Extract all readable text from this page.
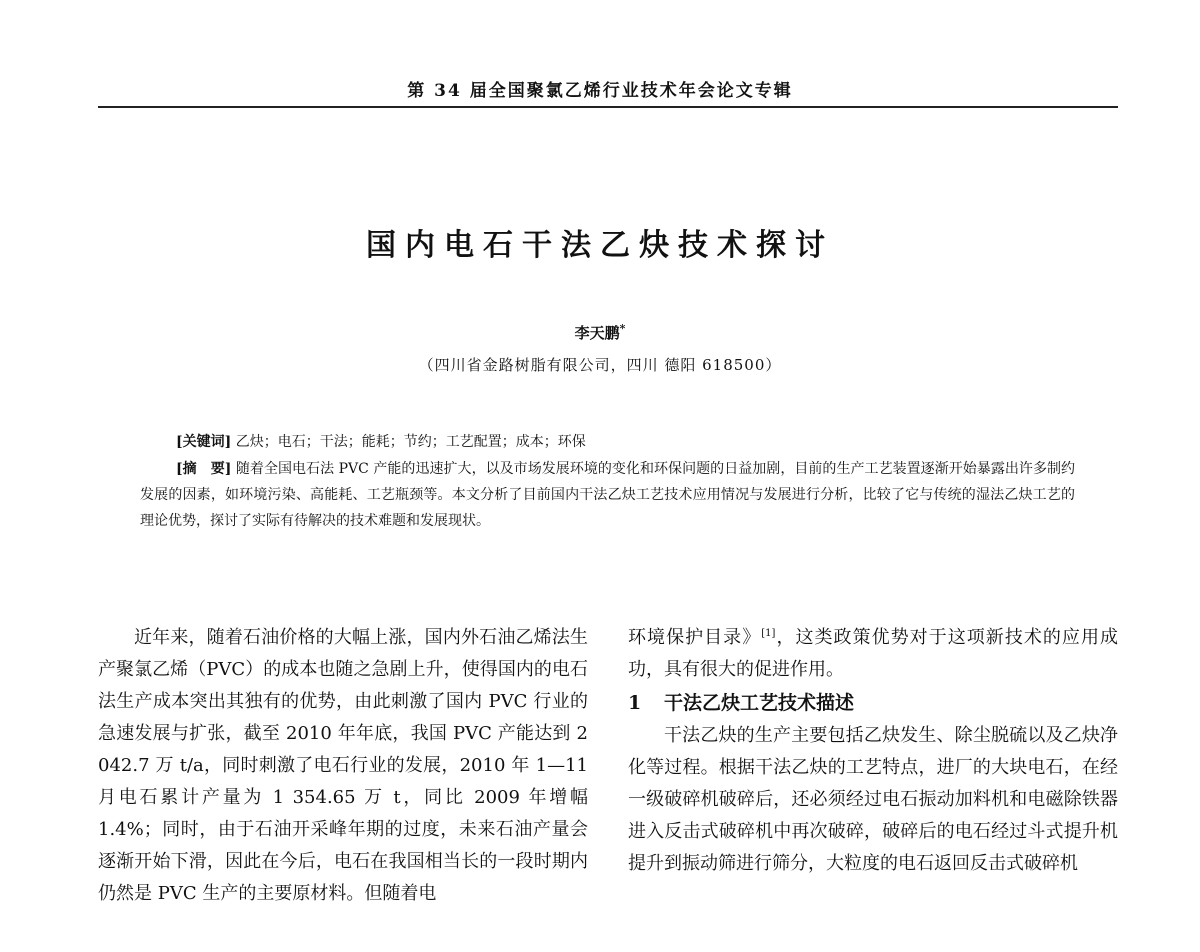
第 34 届全国聚氯乙烯行业技术年会论文专辑
国内电石干法乙炔技术探讨
李天鹏*
（四川省金路树脂有限公司，四川 德阳 618500）
[关键词] 乙炔；电石；干法；能耗；节约；工艺配置；成本；环保
[摘　要] 随着全国电石法 PVC 产能的迅速扩大，以及市场发展环境的变化和环保问题的日益加剧，目前的生产工艺装置逐渐开始暴露出许多制约发展的因素，如环境污染、高能耗、工艺瓶颈等。本文分析了目前国内干法乙炔工艺技术应用情况与发展进行分析，比较了它与传统的湿法乙炔工艺的理论优势，探讨了实际有待解决的技术难题和发展现状。

近年来，随着石油价格的大幅上涨，国内外石油乙烯法生产聚氯乙烯（PVC）的成本也随之急剧上升，使得国内的电石法生产成本突出其独有的优势，由此刺激了国内 PVC 行业的急速发展与扩张，截至 2010 年年底，我国 PVC 产能达到 2 042.7 万 t/a，同时刺激了电石行业的发展，2010 年 1—11 月电石累计产量为 1 354.65 万 t，同比 2009 年增幅 1.4%；同时，由于石油开采峰年期的过度，未来石油产量会逐渐开始下滑，因此在今后，电石在我国相当长的一段时期内仍然是 PVC 生产的主要原材料。但随着电

环境保护目录》[1]，这类政策优势对于这项新技术的应用成功，具有很大的促进作用。

1 干法乙炔工艺技术描述

干法乙炔的生产主要包括乙炔发生、除尘脱硫以及乙炔净化等过程。根据干法乙炔的工艺特点，进厂的大块电石，在经一级破碎机破碎后，还必须经过电石振动加料机和电磁除铁器进入反击式破碎机中再次破碎，破碎后的电石经过斗式提升机提升到振动筛进行筛分，大粒度的电石返回反击式破碎机
